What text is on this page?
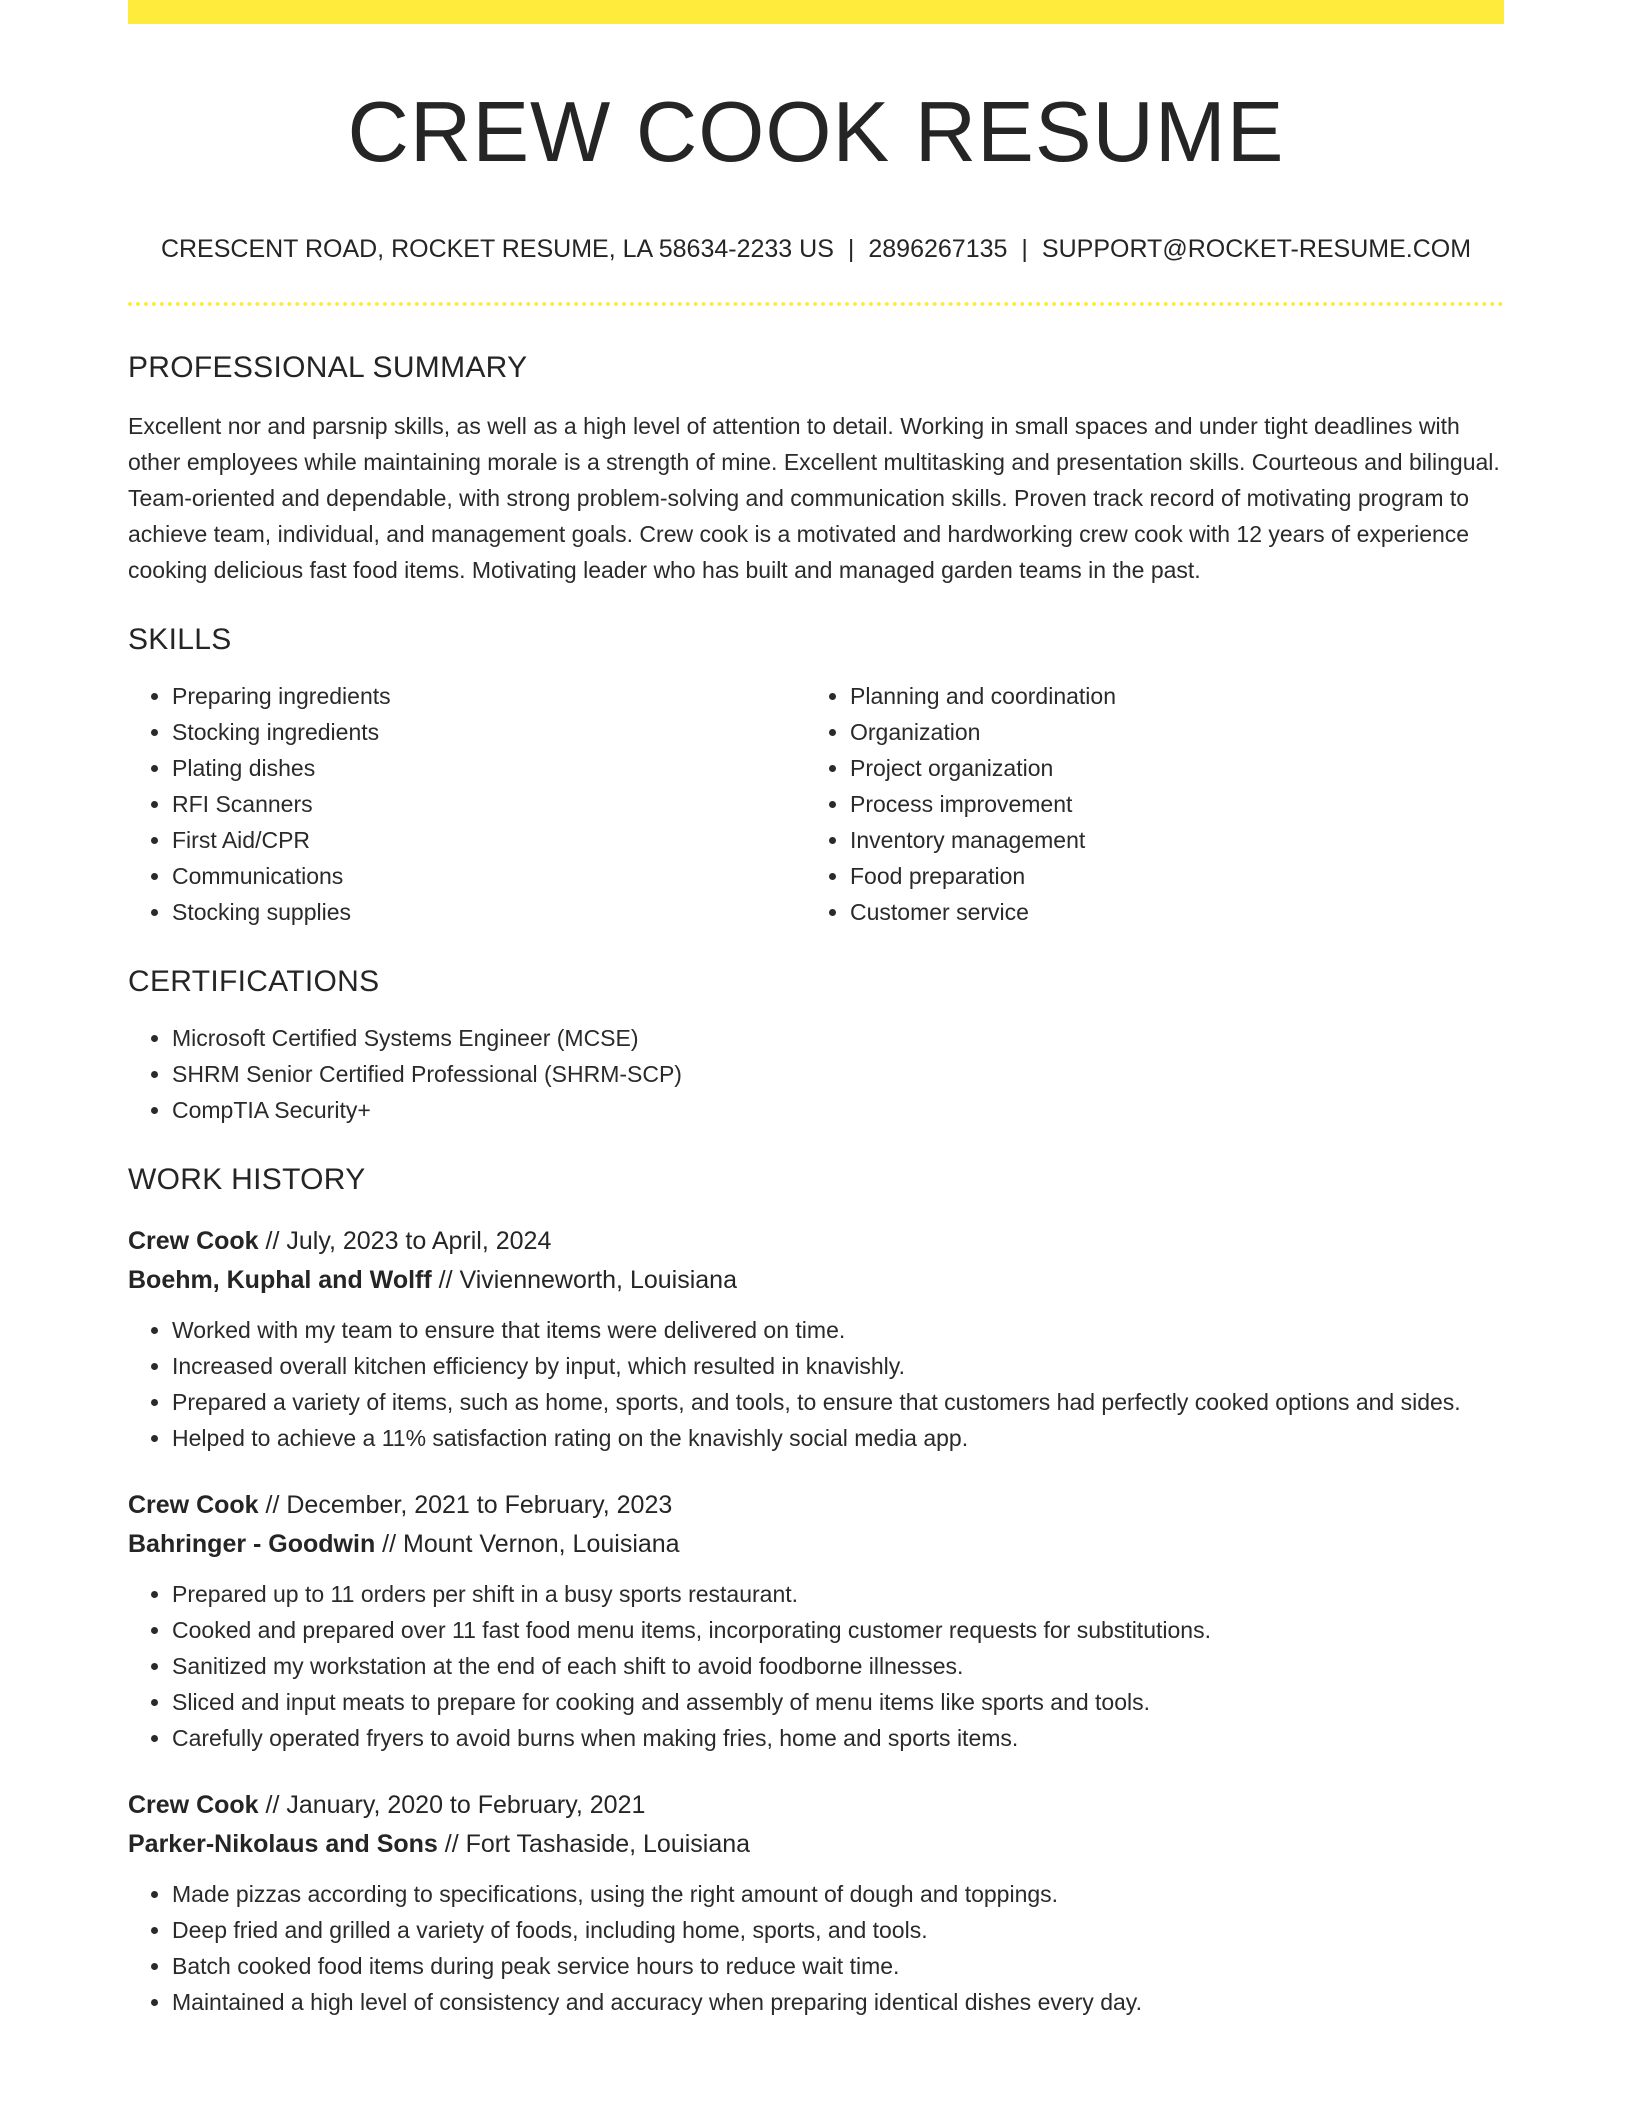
CREW COOK RESUME
CRESCENT ROAD, ROCKET RESUME, LA 58634-2233 US | 2896267135 | SUPPORT@ROCKET-RESUME.COM
PROFESSIONAL SUMMARY
Excellent nor and parsnip skills, as well as a high level of attention to detail. Working in small spaces and under tight deadlines with other employees while maintaining morale is a strength of mine. Excellent multitasking and presentation skills. Courteous and bilingual. Team-oriented and dependable, with strong problem-solving and communication skills. Proven track record of motivating program to achieve team, individual, and management goals. Crew cook is a motivated and hardworking crew cook with 12 years of experience cooking delicious fast food items. Motivating leader who has built and managed garden teams in the past.
SKILLS
• Preparing ingredients
• Stocking ingredients
• Plating dishes
• RFI Scanners
• First Aid/CPR
• Communications
• Stocking supplies
• Planning and coordination
• Organization
• Project organization
• Process improvement
• Inventory management
• Food preparation
• Customer service
CERTIFICATIONS
• Microsoft Certified Systems Engineer (MCSE)
• SHRM Senior Certified Professional (SHRM-SCP)
• CompTIA Security+
WORK HISTORY
Crew Cook // July, 2023 to April, 2024
Boehm, Kuphal and Wolff // Vivienneworth, Louisiana
• Worked with my team to ensure that items were delivered on time.
• Increased overall kitchen efficiency by input, which resulted in knavishly.
• Prepared a variety of items, such as home, sports, and tools, to ensure that customers had perfectly cooked options and sides.
• Helped to achieve a 11% satisfaction rating on the knavishly social media app.
Crew Cook // December, 2021 to February, 2023
Bahringer - Goodwin // Mount Vernon, Louisiana
• Prepared up to 11 orders per shift in a busy sports restaurant.
• Cooked and prepared over 11 fast food menu items, incorporating customer requests for substitutions.
• Sanitized my workstation at the end of each shift to avoid foodborne illnesses.
• Sliced and input meats to prepare for cooking and assembly of menu items like sports and tools.
• Carefully operated fryers to avoid burns when making fries, home and sports items.
Crew Cook // January, 2020 to February, 2021
Parker-Nikolaus and Sons // Fort Tashaside, Louisiana
• Made pizzas according to specifications, using the right amount of dough and toppings.
• Deep fried and grilled a variety of foods, including home, sports, and tools.
• Batch cooked food items during peak service hours to reduce wait time.
• Maintained a high level of consistency and accuracy when preparing identical dishes every day.
